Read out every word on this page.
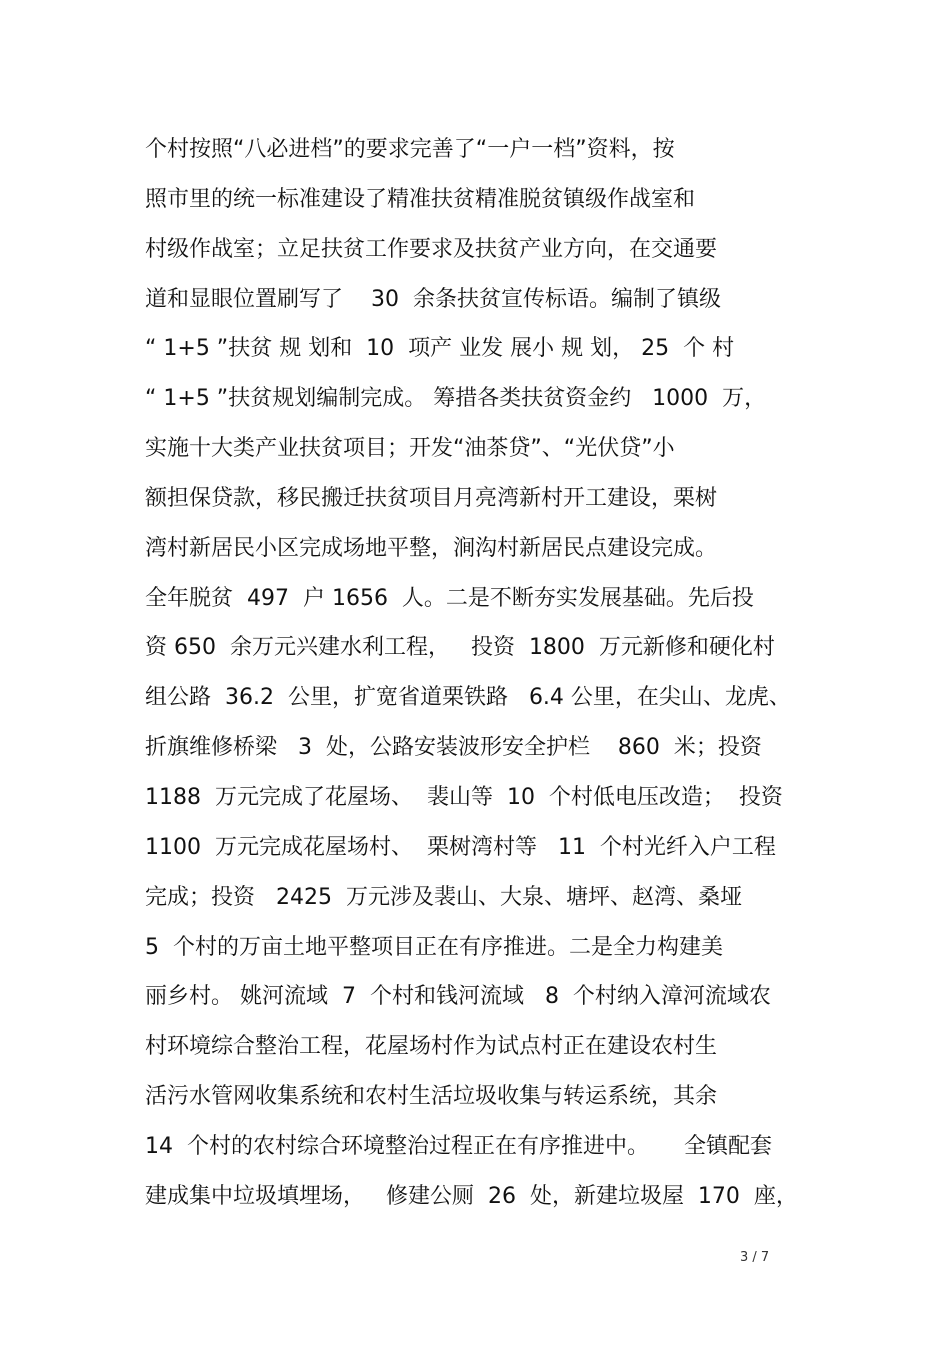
个村按照“八必进档”的要求完善了“一户一档”资料，按
照市里的统一标准建设了精准扶贫精准脱贫镇级作战室和
村级作战室；立足扶贫工作要求及扶贫产业方向，在交通要
道和显眼位置刷写了    30  余条扶贫宣传标语。编制了镇级
“ 1+5 ”扶贫 规 划和  10  项产 业发 展小 规 划， 25  个 村
“ 1+5 ”扶贫规划编制完成。 筹措各类扶贫资金约   1000  万，
实施十大类产业扶贫项目；开发“油茶贷”、“光伏贷”小
额担保贷款，移民搬迁扶贫项目月亮湾新村开工建设，栗树
湾村新居民小区完成场地平整，涧沟村新居民点建设完成。
全年脱贫  497  户 1656  人。二是不断夯实发展基础。先后投
资 650  余万元兴建水利工程，   投资  1800  万元新修和硬化村
组公路  36.2  公里，扩宽省道栗铁路   6.4 公里，在尖山、龙虎、
折旗维修桥梁   3  处，公路安装波形安全护栏    860  米；投资
1188  万元完成了花屋场、  裴山等  10  个村低电压改造；  投资
1100  万元完成花屋场村、  栗树湾村等   11  个村光纤入户工程
完成；投资   2425  万元涉及裴山、大泉、塘坪、赵湾、桑垭
5  个村的万亩土地平整项目正在有序推进。二是全力构建美
丽乡村。 姚河流域  7  个村和钱河流域   8  个村纳入漳河流域农
村环境综合整治工程，花屋场村作为试点村正在建设农村生
活污水管网收集系统和农村生活垃圾收集与转运系统，其余
14  个村的农村综合环境整治过程正在有序推进中。     全镇配套
建成集中垃圾填埋场，   修建公厕  26  处，新建垃圾屋  170  座，
3 / 7
